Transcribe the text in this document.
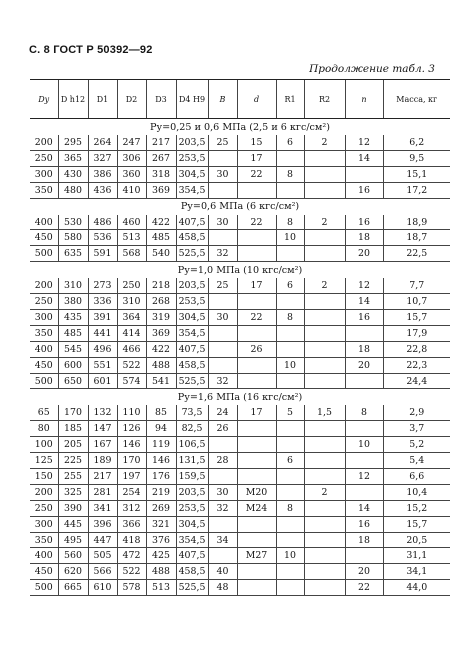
С. 8 ГОСТ Р 50392—92
Продолжение табл. 3
Dу	D h12	D1	D2	D3	D4 H9	B	d	R1	R2	n	Масса, кг
Pу=0,25 и 0,6 МПа (2,5 и 6 кгс/см²)											
200	295	264	247	217	203,5	25	15	6	2	12	6,2
250	365	327	306	267	253,5		17			14	9,5
300	430	386	360	318	304,5	30	22	8			15,1
350	480	436	410	369	354,5					16	17,2
Pу=0,6 МПа (6 кгс/см²)											
400	530	486	460	422	407,5	30	22	8	2	16	18,9
450	580	536	513	485	458,5			10		18	18,7
500	635	591	568	540	525,5	32				20	22,5
Pу=1,0 МПа (10 кгс/см²)											
200	310	273	250	218	203,5	25	17	6	2	12	7,7
250	380	336	310	268	253,5					14	10,7
300	435	391	364	319	304,5	30	22	8		16	15,7
350	485	441	414	369	354,5						17,9
400	545	496	466	422	407,5		26			18	22,8
450	600	551	522	488	458,5			10		20	22,3
500	650	601	574	541	525,5	32					24,4
Pу=1,6 МПа (16 кгс/см²)											
65	170	132	110	85	73,5	24	17	5	1,5	8	2,9
80	185	147	126	94	82,5	26					3,7
100	205	167	146	119	106,5					10	5,2
125	225	189	170	146	131,5	28		6			5,4
150	255	217	197	176	159,5					12	6,6
200	325	281	254	219	203,5	30	M20		2		10,4
250	390	341	312	269	253,5	32	M24	8		14	15,2
300	445	396	366	321	304,5					16	15,7
350	495	447	418	376	354,5	34				18	20,5
400	560	505	472	425	407,5		M27	10			31,1
450	620	566	522	488	458,5	40				20	34,1
500	665	610	578	513	525,5	48				22	44,0
